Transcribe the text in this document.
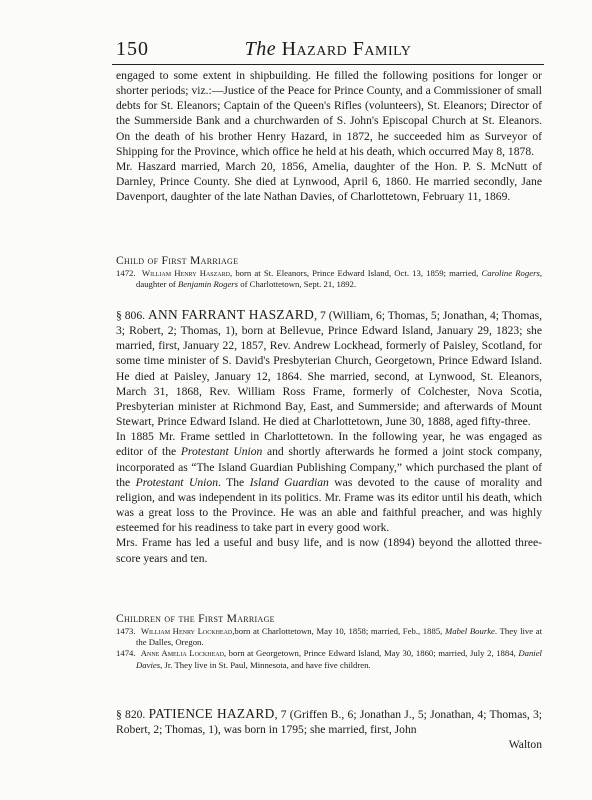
150	The Hazard Family

engaged to some extent in shipbuilding. He filled the following positions for longer or shorter periods; viz.:—Justice of the Peace for Prince County, and a Commissioner of small debts for St. Eleanors; Captain of the Queen's Rifles (volunteers), St. Eleanors; Director of the Summerside Bank and a churchwarden of S. John's Episcopal Church at St. Eleanors. On the death of his brother Henry Hazard, in 1872, he succeeded him as Surveyor of Shipping for the Province, which office he held at his death, which occurred May 8, 1878.

Mr. Haszard married, March 20, 1856, Amelia, daughter of the Hon. P. S. McNutt of Darnley, Prince County. She died at Lynwood, April 6, 1860. He married secondly, Jane Davenport, daughter of the late Nathan Davies, of Charlottetown, February 11, 1869.

Child of First Marriage

1472. William Henry Haszard, born at St. Eleanors, Prince Edward Island, Oct. 13, 1859; married, Caroline Rogers, daughter of Benjamin Rogers of Charlottetown, Sept. 21, 1892.

§ 806. ANN FARRANT HASZARD, 7 (William, 6; Thomas, 5; Jonathan, 4; Thomas, 3; Robert, 2; Thomas, 1), born at Bellevue, Prince Edward Island, January 29, 1823; she married, first, January 22, 1857, Rev. Andrew Lockhead, formerly of Paisley, Scotland, for some time minister of S. David's Presbyterian Church, Georgetown, Prince Edward Island. He died at Paisley, January 12, 1864. She married, second, at Lynwood, St. Eleanors, March 31, 1868, Rev. William Ross Frame, formerly of Colchester, Nova Scotia, Presbyterian minister at Richmond Bay, East, and Summerside; and afterwards of Mount Stewart, Prince Edward Island. He died at Charlottetown, June 30, 1888, aged fifty-three.

In 1885 Mr. Frame settled in Charlottetown. In the following year, he was engaged as editor of the Protestant Union and shortly afterwards he formed a joint stock company, incorporated as “The Island Guardian Publishing Company,” which purchased the plant of the Protestant Union. The Island Guardian was devoted to the cause of morality and religion, and was independent in its politics. Mr. Frame was its editor until his death, which was a great loss to the Province. He was an able and faithful preacher, and was highly esteemed for his readiness to take part in every good work.

Mrs. Frame has led a useful and busy life, and is now (1894) beyond the allotted three-score years and ten.

Children of the First Marriage

1473. William Henry Lockhead,born at Charlottetown, May 10, 1858; married, Feb., 1885, Mabel Bourke. They live at the Dalles, Oregon.

1474. Anne Amelia Lockhead, born at Georgetown, Prince Edward Island, May 30, 1860; married, July 2, 1884, Daniel Davies, Jr. They live in St. Paul, Minnesota, and have five children.

§ 820. PATIENCE HAZARD, 7 (Griffen B., 6; Jonathan J., 5; Jonathan, 4; Thomas, 3; Robert, 2; Thomas, 1), was born in 1795; she married, first, John

Walton
